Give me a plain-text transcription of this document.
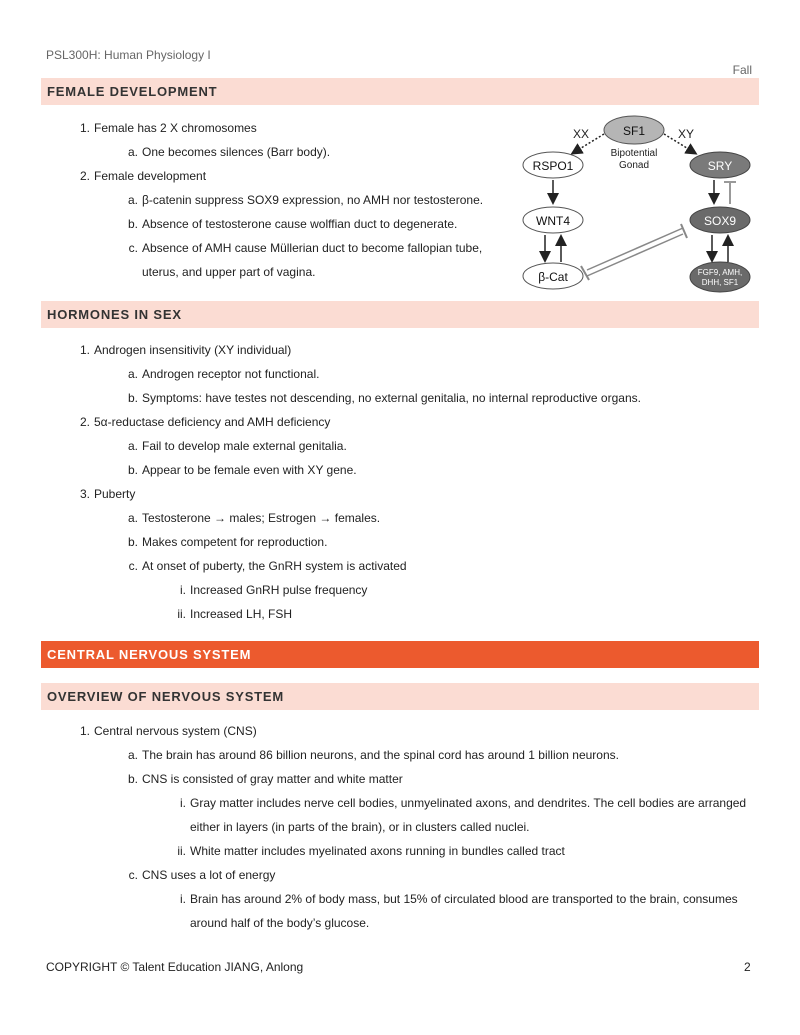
PSL300H: Human Physiology I
Fall
FEMALE DEVELOPMENT
HORMONES IN SEX
CENTRAL NERVOUS SYSTEM
OVERVIEW OF NERVOUS SYSTEM
1. Female has 2 X chromosomes
a. One becomes silences (Barr body).
2. Female development
a. β-catenin suppress SOX9 expression, no AMH nor testosterone.
b. Absence of testosterone cause wolffian duct to degenerate.
c. Absence of AMH cause Müllerian duct to become fallopian tube,
uterus, and upper part of vagina.
1. Androgen insensitivity (XY individual)
a. Androgen receptor not functional.
b. Symptoms: have testes not descending, no external genitalia, no internal reproductive organs.
2. 5α-reductase deficiency and AMH deficiency
a. Fail to develop male external genitalia.
b. Appear to be female even with XY gene.
3. Puberty
a. Testosterone → males; Estrogen → females.
b. Makes competent for reproduction.
c. At onset of puberty, the GnRH system is activated
i. Increased GnRH pulse frequency
ii. Increased LH, FSH
1. Central nervous system (CNS)
a. The brain has around 86 billion neurons, and the spinal cord has around 1 billion neurons.
b. CNS is consisted of gray matter and white matter
i. Gray matter includes nerve cell bodies, unmyelinated axons, and dendrites. The cell bodies are arranged
either in layers (in parts of the brain), or in clusters called nuclei.
ii. White matter includes myelinated axons running in bundles called tract
c. CNS uses a lot of energy
i. Brain has around 2% of body mass, but 15% of circulated blood are transported to the brain, consumes
around half of the body’s glucose.
SF1
Bipotential
Gonad
XX	XY
RSPO1
WNT4
β-Cat
SRY
SOX9
FGF9, AMH,
DHH, SF1
COPYRIGHT © Talent Education JIANG, Anlong	2
